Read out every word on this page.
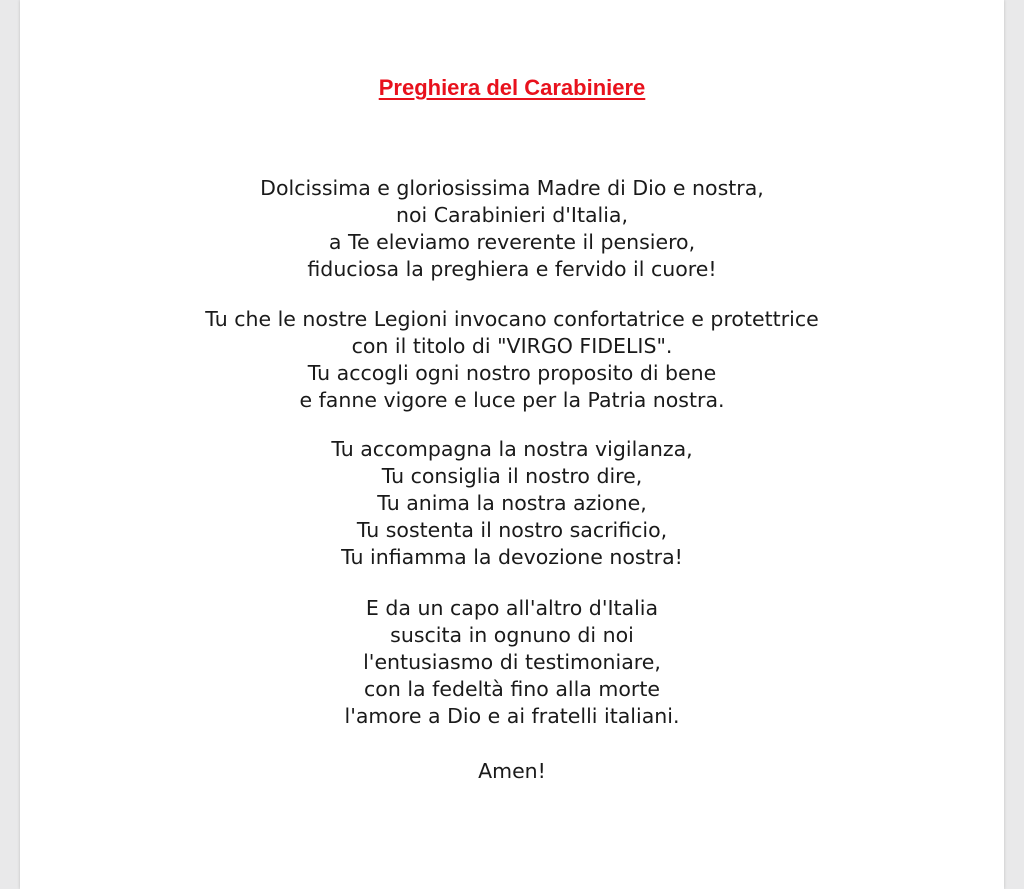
Preghiera del Carabiniere
Dolcissima e gloriosissima Madre di Dio e nostra,
noi Carabinieri d'Italia,
a Te eleviamo reverente il pensiero,
fiduciosa la preghiera e fervido il cuore!
Tu che le nostre Legioni invocano confortatrice e protettrice
con il titolo di "VIRGO FIDELIS".
Tu accogli ogni nostro proposito di bene
e fanne vigore e luce per la Patria nostra.
Tu accompagna la nostra vigilanza,
Tu consiglia il nostro dire,
Tu anima la nostra azione,
Tu sostenta il nostro sacrificio,
Tu infiamma la devozione nostra!
E da un capo all'altro d'Italia
suscita in ognuno di noi
l'entusiasmo di testimoniare,
con la fedeltà fino alla morte
l'amore a Dio e ai fratelli italiani.
Amen!
